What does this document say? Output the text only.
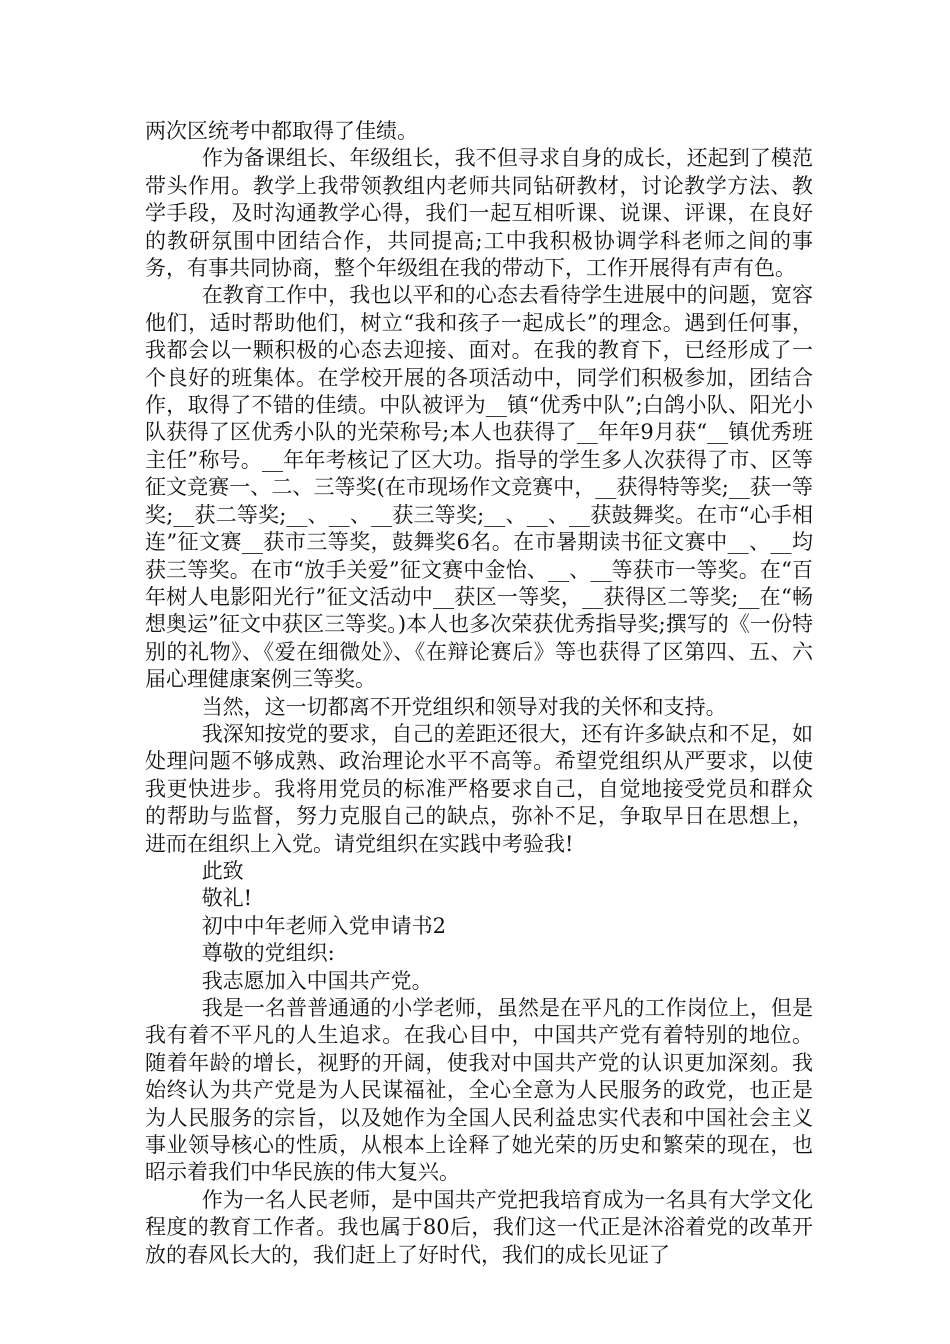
两次区统考中都取得了佳绩。

作为备课组长、年级组长，我不但寻求自身的成长，还起到了模范带头作用。教学上我带领教组内老师共同钻研教材，讨论教学方法、教学手段，及时沟通教学心得，我们一起互相听课、说课、评课，在良好的教研氛围中团结合作，共同提高;工中我积极协调学科老师之间的事务，有事共同协商，整个年级组在我的带动下，工作开展得有声有色。

在教育工作中，我也以平和的心态去看待学生进展中的问题，宽容他们，适时帮助他们，树立“我和孩子一起成长”的理念。遇到任何事，我都会以一颗积极的心态去迎接、面对。在我的教育下，已经形成了一个良好的班集体。在学校开展的各项活动中，同学们积极参加，团结合作，取得了不错的佳绩。中队被评为__镇“优秀中队”;白鸽小队、阳光小队获得了区优秀小队的光荣称号;本人也获得了__年年9月获“__镇优秀班主任”称号。__年年考核记了区大功。指导的学生多人次获得了市、区等征文竞赛一、二、三等奖(在市现场作文竞赛中，__获得特等奖;__获一等奖;__获二等奖;__、__、__获三等奖;__、__、__获鼓舞奖。在市“心手相连”征文赛__获市三等奖，鼓舞奖6名。在市暑期读书征文赛中__、__均获三等奖。在市“放手关爱”征文赛中金怡、__、__等获市一等奖。在“百年树人电影阳光行”征文活动中__获区一等奖，__获得区二等奖;__在“畅想奥运”征文中获区三等奖。)本人也多次荣获优秀指导奖;撰写的《一份特别的礼物》、《爱在细微处》、《在辩论赛后》等也获得了区第四、五、六届心理健康案例三等奖。

当然，这一切都离不开党组织和领导对我的关怀和支持。

我深知按党的要求，自己的差距还很大，还有许多缺点和不足，如处理问题不够成熟、政治理论水平不高等。希望党组织从严要求，以使我更快进步。我将用党员的标准严格要求自己，自觉地接受党员和群众的帮助与监督，努力克服自己的缺点，弥补不足，争取早日在思想上，进而在组织上入党。请党组织在实践中考验我!

此致

敬礼!

初中中年老师入党申请书2

尊敬的党组织:

我志愿加入中国共产党。

我是一名普普通通的小学老师，虽然是在平凡的工作岗位上，但是我有着不平凡的人生追求。在我心目中，中国共产党有着特别的地位。随着年龄的增长，视野的开阔，使我对中国共产党的认识更加深刻。我始终认为共产党是为人民谋福祉，全心全意为人民服务的政党，也正是为人民服务的宗旨，以及她作为全国人民利益忠实代表和中国社会主义事业领导核心的性质，从根本上诠释了她光荣的历史和繁荣的现在，也昭示着我们中华民族的伟大复兴。

作为一名人民老师，是中国共产党把我培育成为一名具有大学文化程度的教育工作者。我也属于80后，我们这一代正是沐浴着党的改革开放的春风长大的，我们赶上了好时代，我们的成长见证了
